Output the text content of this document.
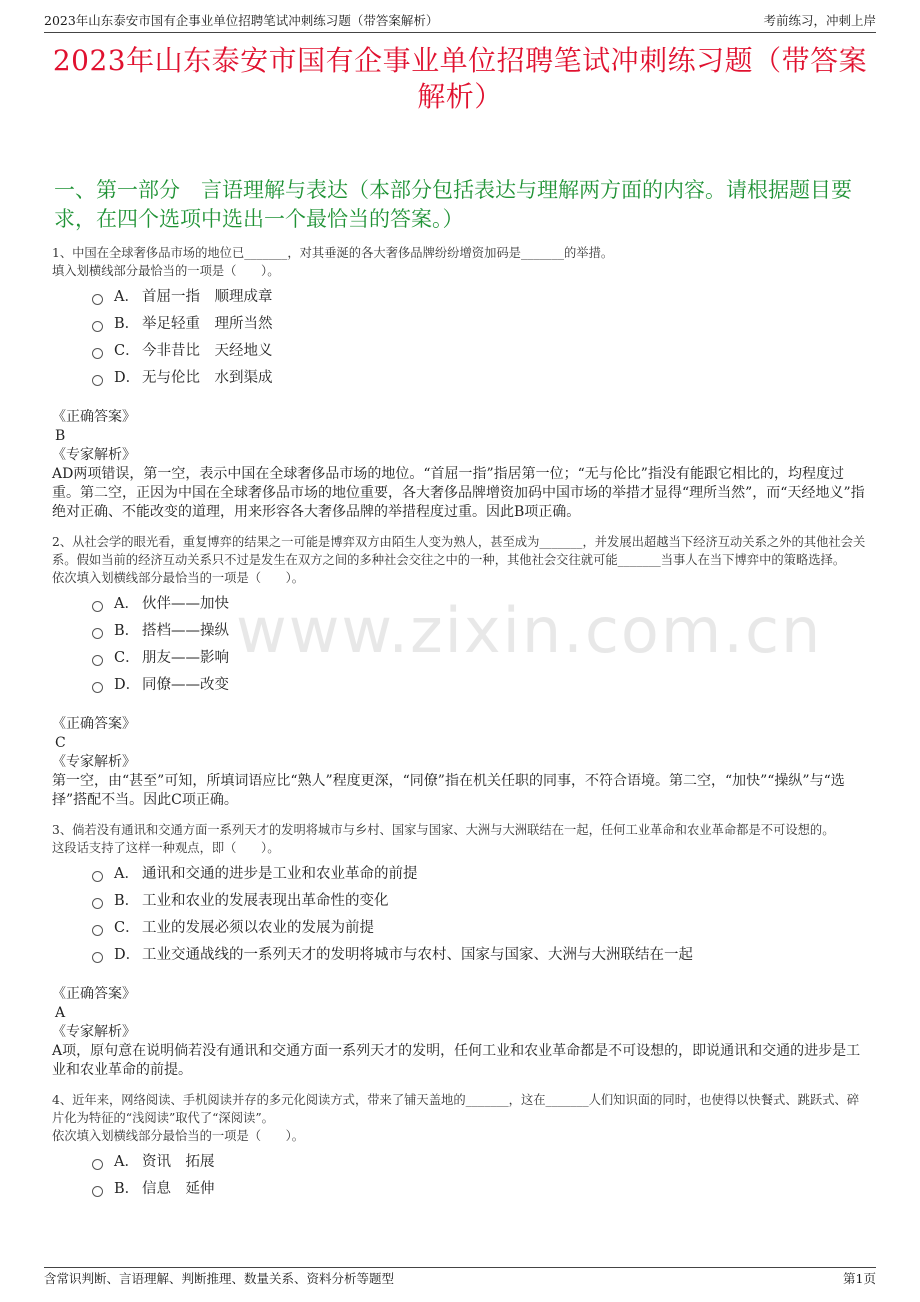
2023年山东泰安市国有企事业单位招聘笔试冲刺练习题（带答案解析）	考前练习，冲刺上岸
2023年山东泰安市国有企事业单位招聘笔试冲刺练习题（带答案解析）
一、第一部分　言语理解与表达（本部分包括表达与理解两方面的内容。请根据题目要求，在四个选项中选出一个最恰当的答案。）
www.zixin.com.cn

1、中国在全球奢侈品市场的地位已_______，对其垂涎的各大奢侈品牌纷纷增资加码是_______的举措。

填入划横线部分最恰当的一项是（　　）。

A． 首屈一指　顺理成章
B． 举足轻重　理所当然
C． 今非昔比　天经地义
D． 无与伦比　水到渠成

《正确答案》

B

《专家解析》

AD两项错误，第一空，表示中国在全球奢侈品市场的地位。“首屈一指”指居第一位；“无与伦比”指没有能跟它相比的，均程度过重。第二空，正因为中国在全球奢侈品市场的地位重要，各大奢侈品牌增资加码中国市场的举措才显得“理所当然”，而“天经地义”指绝对正确、不能改变的道理，用来形容各大奢侈品牌的举措程度过重。因此B项正确。

2、从社会学的眼光看，重复博弈的结果之一可能是博弈双方由陌生人变为熟人，甚至成为_______，并发展出超越当下经济互动关系之外的其他社会关系。假如当前的经济互动关系只不过是发生在双方之间的多种社会交往之中的一种，其他社会交往就可能_______当事人在当下博弈中的策略选择。

依次填入划横线部分最恰当的一项是（　　）。

A． 伙伴——加快
B． 搭档——操纵
C． 朋友——影响
D． 同僚——改变

《正确答案》

C

《专家解析》

第一空，由“甚至”可知，所填词语应比“熟人”程度更深，“同僚”指在机关任职的同事，不符合语境。第二空，“加快”“操纵”与“选择”搭配不当。因此C项正确。

3、倘若没有通讯和交通方面一系列天才的发明将城市与乡村、国家与国家、大洲与大洲联结在一起，任何工业革命和农业革命都是不可设想的。

这段话支持了这样一种观点，即（　　）。

A． 通讯和交通的进步是工业和农业革命的前提
B． 工业和农业的发展表现出革命性的变化
C． 工业的发展必须以农业的发展为前提
D． 工业交通战线的一系列天才的发明将城市与农村、国家与国家、大洲与大洲联结在一起

《正确答案》

A

《专家解析》

A项，原句意在说明倘若没有通讯和交通方面一系列天才的发明，任何工业和农业革命都是不可设想的，即说通讯和交通的进步是工业和农业革命的前提。

4、近年来，网络阅读、手机阅读并存的多元化阅读方式，带来了铺天盖地的_______，这在_______人们知识面的同时，也使得以快餐式、跳跃式、碎片化为特征的“浅阅读”取代了“深阅读”。

依次填入划横线部分最恰当的一项是（　　）。

A． 资讯　拓展
B． 信息　延伸
含常识判断、言语理解、判断推理、数量关系、资料分析等题型	第1页
